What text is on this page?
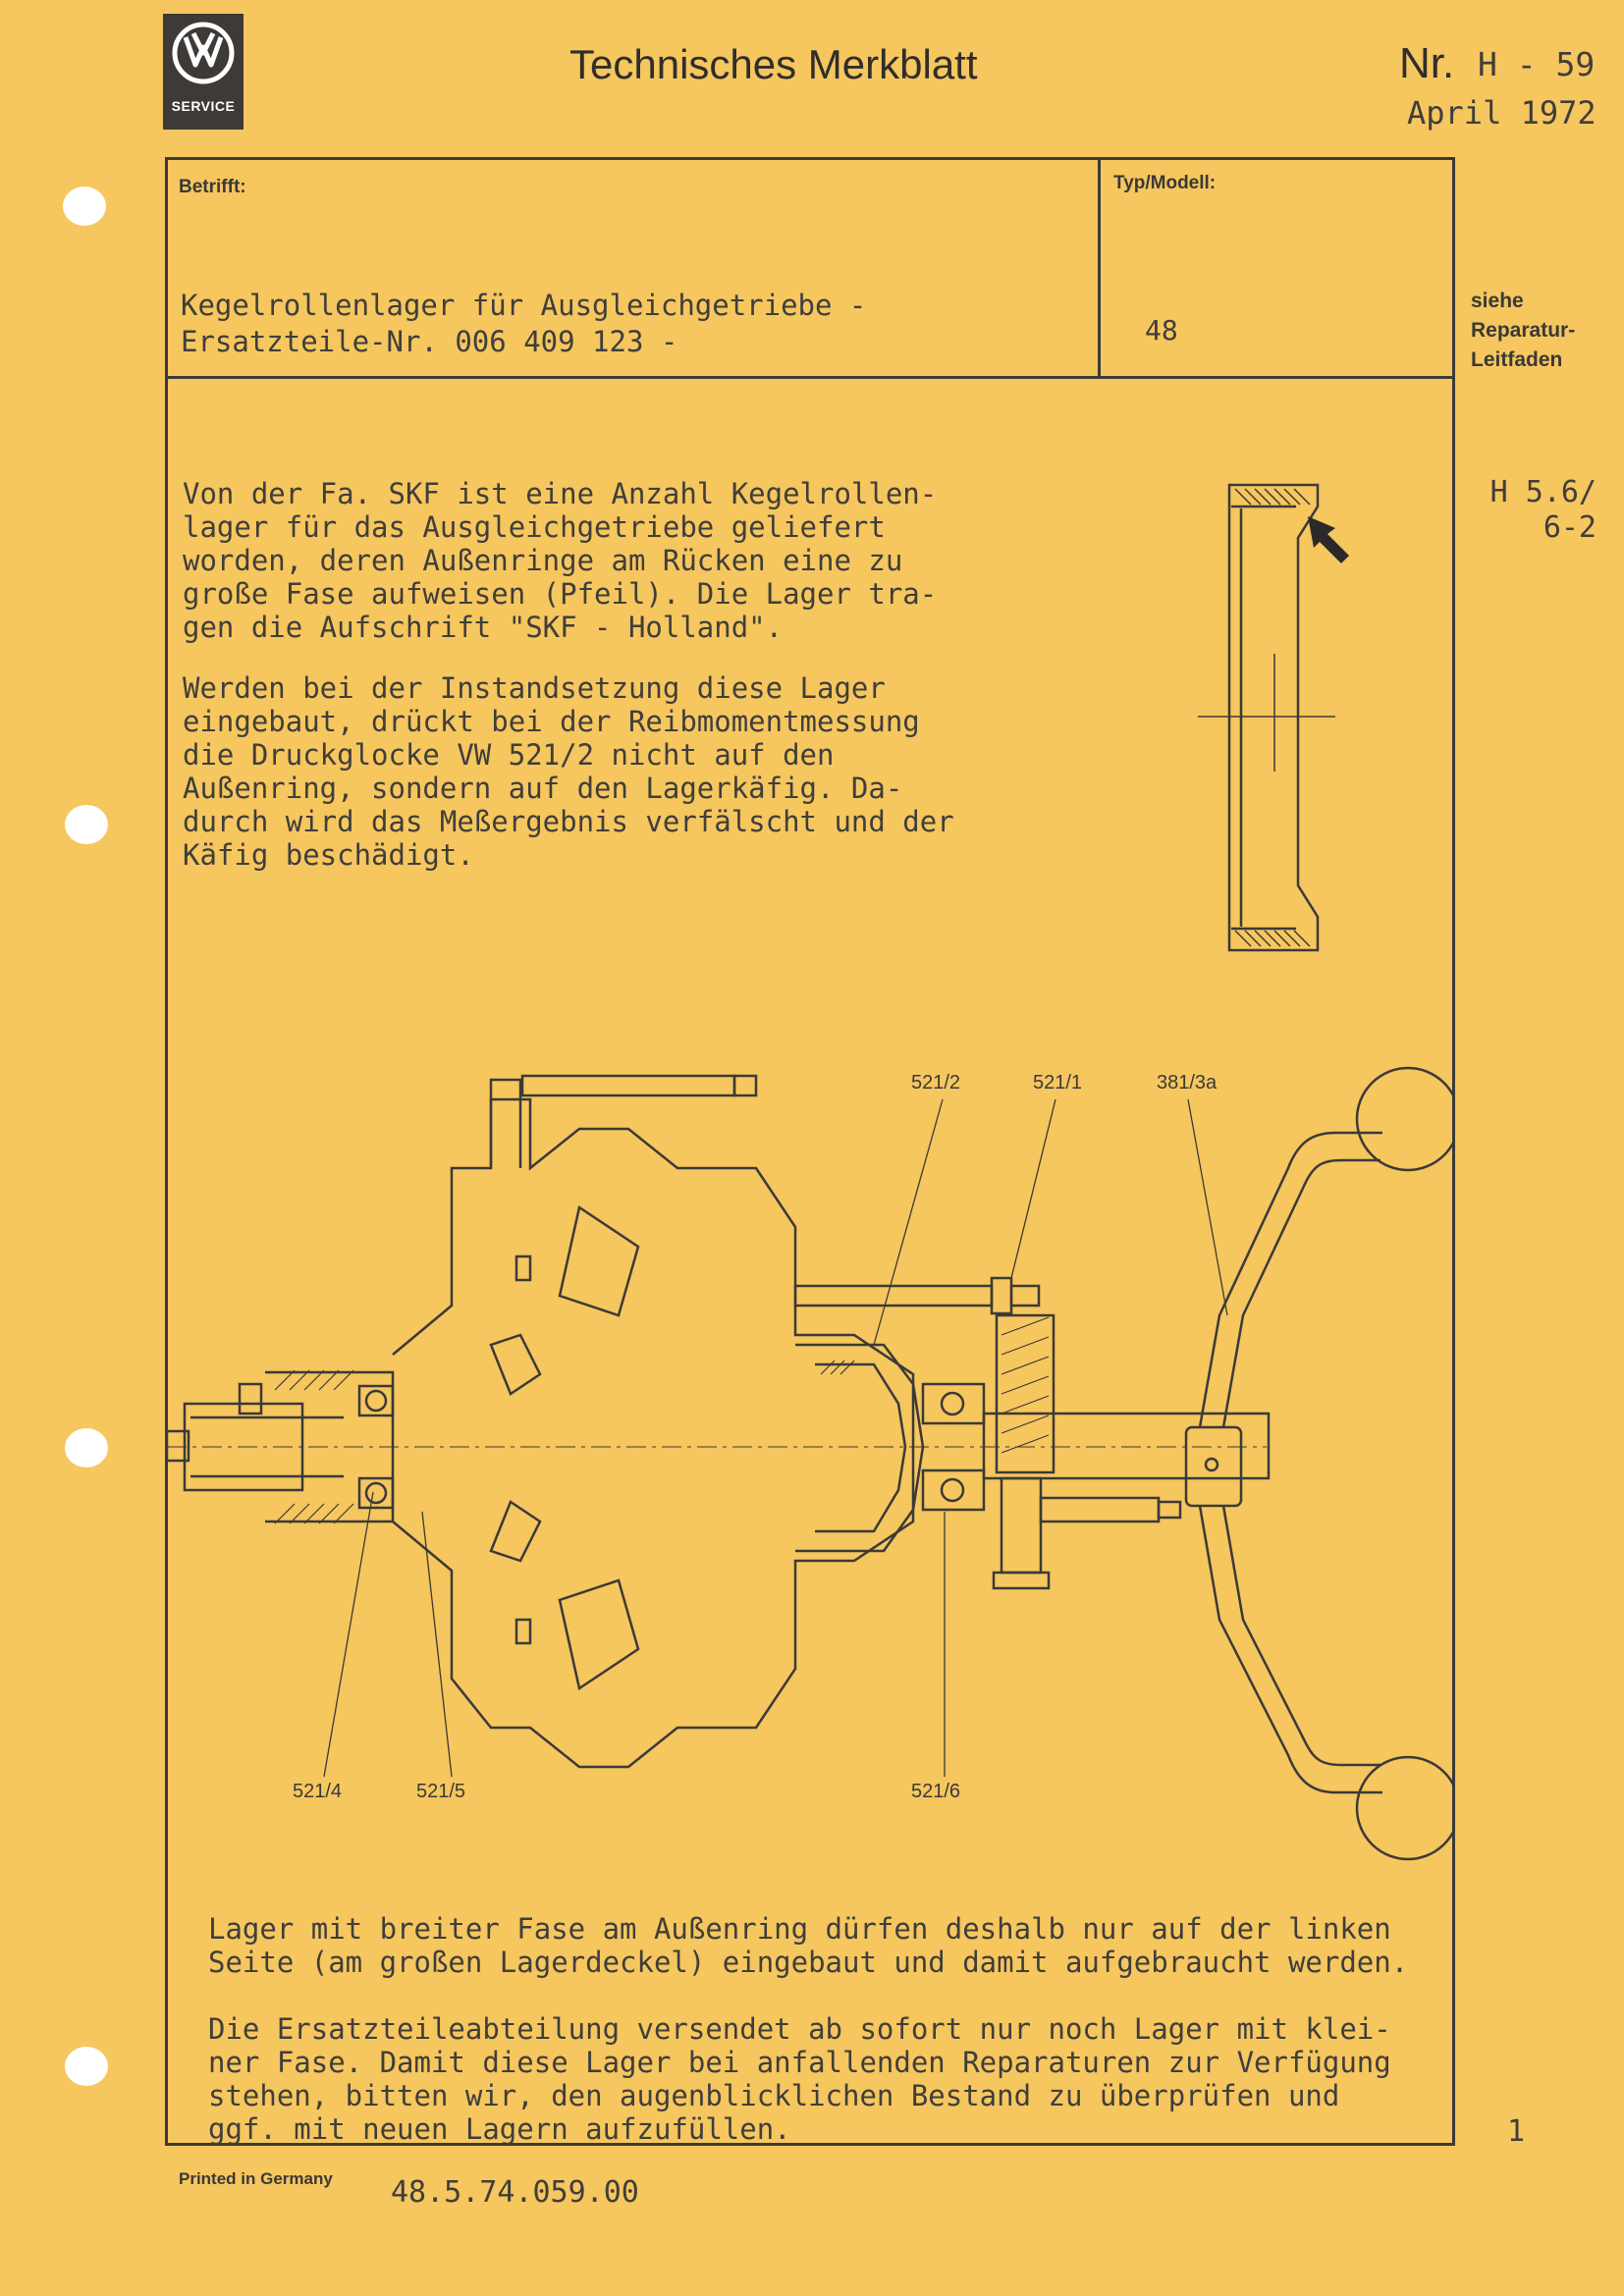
SERVICE
Technisches Merkblatt	Nr. H - 59
April 1972
Betrifft:	Typ/Modell:
Kegelrollenlager für Ausgleichgetriebe -
Ersatzteile-Nr. 006 409 123 -	48
siehe
Reparatur-
Leitfaden
H 5.6/
6-2
Von der Fa. SKF ist eine Anzahl Kegelrollen-
lager für das Ausgleichgetriebe geliefert
worden, deren Außenringe am Rücken eine zu
große Fase aufweisen (Pfeil). Die Lager tra-
gen die Aufschrift "SKF - Holland".
Werden bei der Instandsetzung diese Lager
eingebaut, drückt bei der Reibmomentmessung
die Druckglocke VW 521/2 nicht auf den
Außenring, sondern auf den Lagerkäfig. Da-
durch wird das Meßergebnis verfälscht und der
Käfig beschädigt.
521/2	521/1	381/3a
521/4	521/5	521/6
Lager mit breiter Fase am Außenring dürfen deshalb nur auf der linken
Seite (am großen Lagerdeckel) eingebaut und damit aufgebraucht werden.
Die Ersatzteileabteilung versendet ab sofort nur noch Lager mit klei-
ner Fase. Damit diese Lager bei anfallenden Reparaturen zur Verfügung
stehen, bitten wir, den augenblicklichen Bestand zu überprüfen und
ggf. mit neuen Lagern aufzufüllen.	1
Printed in Germany 48.5.74.059.00
